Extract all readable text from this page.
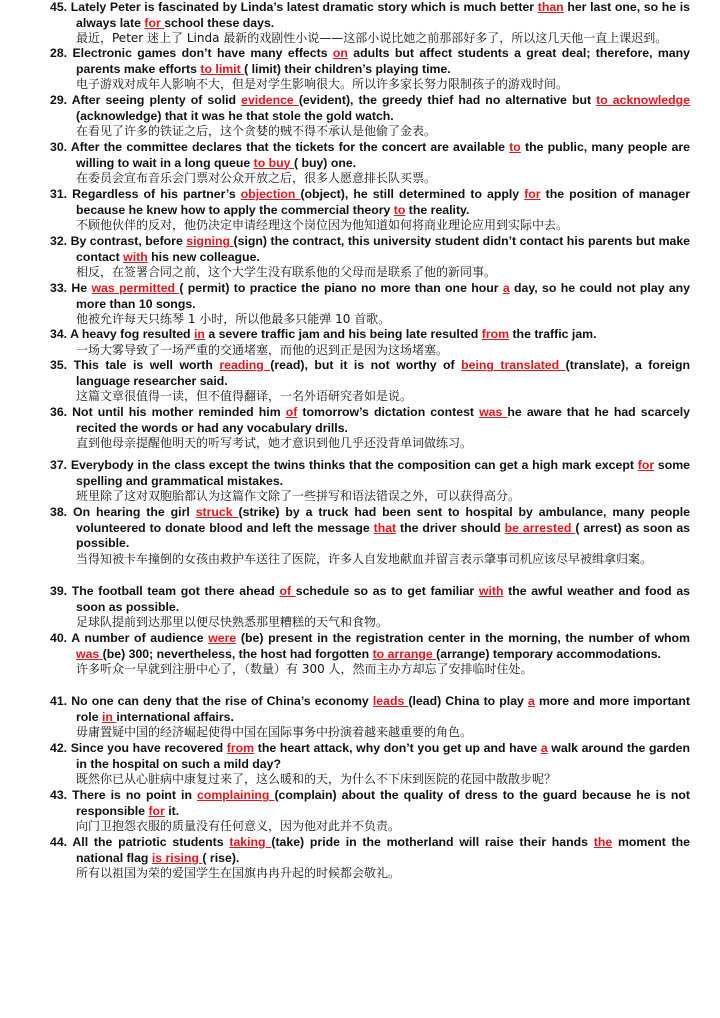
28. Electronic games don’t have many effects on adults but affect students a great deal; therefore, many parents make efforts to limit ( limit) their children’s playing time.
电子游戏对成年人影响不大，但是对学生影响很大。所以许多家长努力限制孩子的游戏时间。
29. After seeing plenty of solid evidence (evident), the greedy thief had no alternative but to acknowledge (acknowledge) that it was he that stole the gold watch.
在看见了许多的铁证之后，这个贪婪的贼不得不承认是他偷了金表。
30. After the committee declares that the tickets for the concert are available to the public, many people are willing to wait in a long queue to buy ( buy) one.
在委员会宣布音乐会门票对公众开放之后，很多人愿意排长队买票。
31. Regardless of his partner’s objection (object), he still determined to apply for the position of manager because he knew how to apply the commercial theory to the reality.
不顾他伙伴的反对，他仍决定申请经理这个岗位因为他知道如何将商业理论应用到实际中去。
32. By contrast, before signing (sign) the contract, this university student didn’t contact his parents but make contact with his new colleague.
相反，在签署合同之前，这个大学生没有联系他的父母而是联系了他的新同事。
33. He was permitted ( permit) to practice the piano no more than one hour a day, so he could not play any more than 10 songs.
他被允许每天只练琴 1 小时，所以他最多只能弹 10 首歌。
34. A heavy fog resulted in a severe traffic jam and his being late resulted from the traffic jam.
一场大雾导致了一场严重的交通堵塞，而他的迟到正是因为这场堵塞。
35. This tale is well worth reading (read), but it is not worthy of being translated (translate), a foreign language researcher said.
这篇文章很值得一读，但不值得翻译，一名外语研究者如是说。
36. Not until his mother reminded him of tomorrow’s dictation contest was he aware that he had scarcely recited the words or had any vocabulary drills.
直到他母亲提醒他明天的听写考试，她才意识到他几乎还没背单词做练习。
37. Everybody in the class except the twins thinks that the composition can get a high mark except for some spelling and grammatical mistakes.
班里除了这对双胞胎都认为这篇作文除了一些拼写和语法错误之外，可以获得高分。
38. On hearing the girl struck (strike) by a truck had been sent to hospital by ambulance, many people volunteered to donate blood and left the message that the driver should be arrested ( arrest) as soon as possible.
当得知被卡车撞倒的女孩由救护车送往了医院，许多人自发地献血并留言表示肇事司机应该尽早被缉拿归案。
39. The football team got there ahead of schedule so as to get familiar with the awful weather and food as soon as possible.
足球队提前到达那里以便尽快熟悉那里糟糕的天气和食物。
40. A number of audience were (be) present in the registration center in the morning, the number of whom was (be) 300; nevertheless, the host had forgotten to arrange (arrange) temporary accommodations.
许多听众一早就到注册中心了，（数量）有 300 人，然而主办方却忘了安排临时住处。
41. No one can deny that the rise of China’s economy leads (lead) China to play a more and more important role in international affairs.
毋庸置疑中国的经济崛起使得中国在国际事务中扮演着越来越重要的角色。
42. Since you have recovered from the heart attack, why don’t you get up and have a walk around the garden in the hospital on such a mild day?
既然你已从心脏病中康复过来了，这么暖和的天，为什么不下床到医院的花园中散散步呢？
43. There is no point in complaining (complain) about the quality of dress to the guard because he is not responsible for it.
向门卫抱怨衣服的质量没有任何意义，因为他对此并不负责。
44. All the patriotic students taking (take) pride in the motherland will raise their hands the moment the national flag is rising ( rise).
所有以祖国为荣的爱国学生在国旗冉冉升起的时候都会敬礼。
45. Lately Peter is fascinated by Linda’s latest dramatic story which is much better than her last one, so he is always late for school these days.
最近，Peter 迷上了 Linda 最新的戏剧性小说——这部小说比她之前那部好多了，所以这几天他一直上课迟到。
